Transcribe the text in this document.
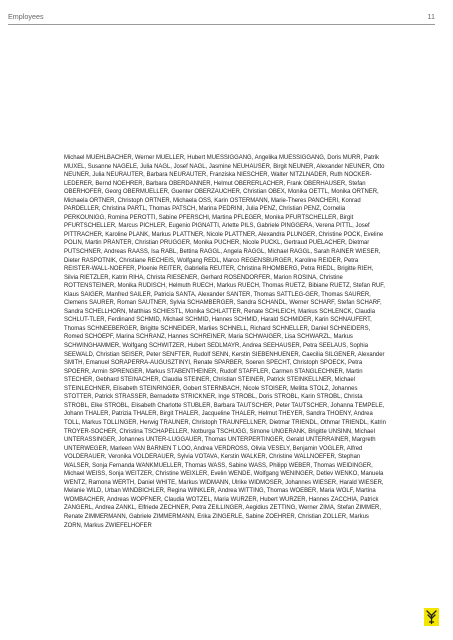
Employees	11
Michael MUEHLBACHER, Werner MUELLER, Hubert MUESSIGGANG, Angelika MUESSIGGANG, Doris MURR, Patrik MUXEL, Susanne NAGELE, Julia NAGL, Josef NAGL, Jasmine NEUHAUSER, Birgit NEUNER, Alexander NEUNER, Otto NEUNER, Julia NEURAUTER, Barbara NEURAUTER, Franziska NIESCHER, Walter NITZLNADER, Ruth NOCKER-LEDERER, Bernd NOEHRER, Barbara OBERDANNER, Helmut OBERERLACHER, Frank OBERHAUSER, Stefan OBERHOFER, Georg OBERMUELLER, Guenter OBERZAUCHER, Christian OBEX, Monika OETTL, Monika ORTNER, Michaela ORTNER, Christoph ORTNER, Michaela OSS, Karin OSTERMANN, Marie-Theres PANCHERI, Konrad PARDELLER, Christina PARTL, Thomas PATSCH, Marina PEDRINI, Julia PENZ, Christian PENZ, Cornelia PERKOUNIGG, Romina PEROTTI, Sabine PFERSCHI, Martina PFLEGER, Monika PFURTSCHELLER, Birgit PFURTSCHELLER, Marcus PICHLER, Eugenio PIGNATTI, Arlette PILS, Gabriele PINGGERA, Verena PITTL, Josef PITTRACHER, Karoline PLANK, Markus PLATTNER, Nicole PLATTNER, Alexandra PLUNGER, Christine POCK, Eveline POLIN, Martin PRANTER, Christian PRUGGER, Monika PUCHER, Nicole PUCKL, Gertraud PUELACHER, Dietmar PUTSCHNER, Andreas RAASS, Isa RABL, Bettina RAGGL, Angela RAGGL, Michael RAGGL, Sarah RAINER WIESER, Dieter RASPOTNIK, Christiane RECHEIS, Wolfgang REDL, Marco REGENSBURGER, Karoline REIDER, Petra REISTER-WALL-NOEFER, Ploenie REITER, Gabriella REUTER, Christina RHOMBERG, Petra RIEDL, Brigitte RIEH, Silvia RIETZLER, Katrin RIHA, Christa RIESENER, Gerhard ROSENDORFER, Marion ROSINA, Christine ROTTENSTEINER, Monika RUDISCH, Helmuth RUECH, Markus RUECH, Thomas RUETZ, Bibiane RUETZ, Stefan RUF, Klaus SAIGER, Manfred SAILER, Patricia SANTA, Alexander SANTER, Thomas SATTLEG-GER, Thomas SAURER, Clemens SAURER, Roman SAUTNER, Sylvia SCHAMBERGER, Sandra SCHANDL, Werner SCHARF, Stefan SCHARF, Sandra SCHELLHORN, Matthias SCHIESTL, Monika SCHLATTER, Renate SCHLEICH, Markus SCHLENCK, Claudia SCHLUT-TLER, Ferdinand SCHMID, Michael SCHMID, Hannes SCHMID, Harald SCHMIDER, Karin SCHNAUFERT, Thomas SCHNEEBERGER, Brigitte SCHNEIDER, Marlies SCHNELL, Richard SCHNELLER, Daniel SCHNEIDERS, Romed SCHOEPF, Marina SCHRANZ, Hannes SCHREINER, Maria SCHWAIGER, Lisa SCHWARZL, Markus SCHWINGHAMMER, Wolfgang SCHWITZER, Hubert SEDLMAYR, Andrea SEEHAUSER, Petra SEELAUS, Sophia SEEWALD, Christian SEISER, Peter SENFTER, Rudolf SENN, Kerstin SIEBENHUENER, Caecilia SILGENER, Alexander SMITH, Emanuel SORAPERRA-AUGUSZTINYI, Renate SPARBER, Soeren SPECHT, Christoph SPOECK, Petra SPOERR, Armin SPRENGER, Markus STABENTHEINER, Rudolf STAFFLER, Carmen STANGLECHNER, Martin STECHER, Gebhard STEINACHER, Claudia STEINER, Christian STEINER, Patrick STEINKELLNER, Michael STEINLECHNER, Elisabeth STEINRINGER, Gobert STERNBACH, Nicole STOISER, Melitta STOLZ, Johannes STOTTER, Patrick STRASSER, Bernadette STRICKNER, Inge STROBL, Doris STROBL, Karin STROBL, Christa STROBL, Elke STROBL, Elisabeth Charlotte STUBLER, Barbara TAUTSCHER, Peter TAUTSCHER, Johanna TEMPELE, Johann THALER, Patrizia THALER, Birgit THALER, Jacqueline THALER, Helmut THEYER, Sandra THOENY, Andrea TOLL, Markus TOLLINGER, Herwig TRAUNER, Christoph TRAUNFELLNER, Dietmar TRIENDL, Othmar TRIENDL, Katrin TROYER-SOCHER, Christina TSCHAPELLER, Notburga TSCHUGG, Simone UNGERANK, Brigitte UNSINN, Michael UNTERASSINGER, Johannes UNTER-LUGGAUER, Thomas UNTERPERTINGER, Gerald UNTERRAINER, Margreth UNTERWEGER, Marleen VAN BARNEN T LOO, Andrea VERDROSS, Olivia VESELY, Benjamin VOGLER, Alfred VOLDERAUER, Veronika VOLDERAUER, Sylvia VOTAVA, Kerstin WALKER, Christine WALLNOEFER, Stephan WALSER, Sonja Fernanda WANKMUELLER, Thomas WASS, Sabine WASS, Philipp WEBER, Thomas WEIDINGER, Michael WEISS, Sonja WEITZER, Christine WEIXLER, Evelin WENDE, Wolfgang WENINGER, Detlev WENKO, Manuela WENTZ, Ramona WERTH, Daniel WHITE, Markus WIDMANN, Ulrike WIDMOSER, Johannes WIESER, Harald WIESER, Melanie WILD, Urban WINDBICHLER, Regina WINKLER, Andrea WITTING, Thomas WOEBER, Maria WOLF, Martina WOMBACHER, Andreas WOPFNER, Claudia WOTZEL, Maria WURZER, Hubert WURZER, Hannes ZACCHIA, Patrick ZANGERL, Andrea ZANKL, Elfriede ZECHNER, Petra ZEILLINGER, Aegidius ZETTING, Werner ZIMA, Stefan ZIMMER, Renate ZIMMERMANN, Gabriele ZIMMERMANN, Erika ZINGERLE, Sabine ZOEHRER, Christian ZOLLER, Markus ZORN, Markus ZWIEFELHOFER
